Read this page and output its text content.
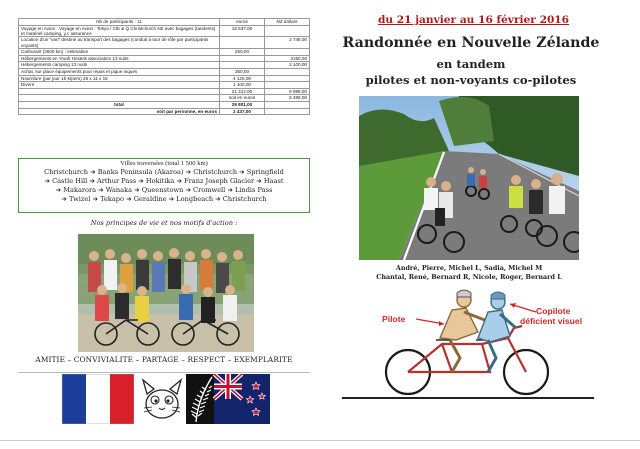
Nb de participants : 11	euros	NZ dollars
Voyage en Avion : Voyage en Avion : Tokyo / Ctb & Q Christchurch NZ avec bagages (tandems) et matériel camping, y.c assurance	15 537,00	
Location d'un "van" destiné au transport des bagages (conduit à tour de rôle par participants voyants)		2 748,00
Carburant (2600 km) : estimation	250,00	
Hébergements en Youth Hostels association 13 nuits		4150,00
Hébergements camping 13 nuits		2 100,00
Achat, sur place équipements pour repas et pique niques	350,00	
Nourriture (par jour 15 €/pers) 25 x 11 x 15	4 125,00	
Divers	1 100,00	
	21 312,00	8 998,00
	soit en euros	5 489,00
total	26 801,00	
soit par personne, en euros	2 437,00	
Villes traversées (total 1 500 km)
Christchurch ➔ Banks Peninsula (Akaroa) ➔ Christchurch ➔ Springfield
➔ Castle Hill ➔ Arthur Pass ➔ Hokitika ➔ Franz Joseph Glacier ➔ Haast
➔ Makarora ➔ Wanaka ➔ Queenstown ➔ Cromwell ➔ Lindis Pass
➔ Twizel ➔ Tekapo ➔ Geraldine ➔ Longbeach ➔ Christchurch
Nos principes de vie et nos motifs d'action :
AMITIE – CONVIVIALITE – PARTAGE – RESPECT – EXEMPLARITE
du 21 janvier au 16 février 2016
Randonnée en Nouvelle Zélande
en tandem
pilotes et non-voyants co-pilotes
André, Pierre, Michel L, Sadia, Michel M
Chantal, René, Bernard R, Nicole, Roger, Bernard L
Pilote
Copilote
déficient visuel
